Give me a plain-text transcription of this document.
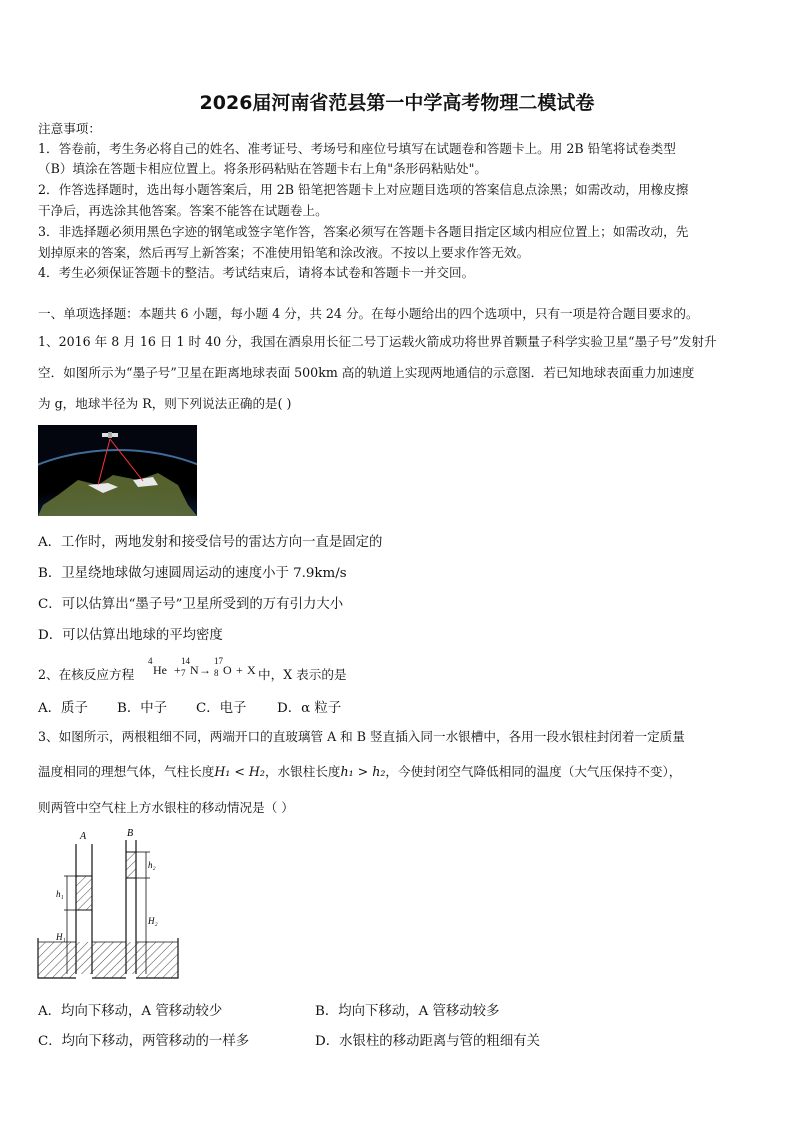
2026届河南省范县第一中学高考物理二模试卷
注意事项：
1．答卷前，考生务必将自己的姓名、准考证号、考场号和座位号填写在试题卷和答题卡上。用 2B 铅笔将试卷类型
（B）填涂在答题卡相应位置上。将条形码粘贴在答题卡右上角"条形码粘贴处"。
2．作答选择题时，选出每小题答案后，用 2B 铅笔把答题卡上对应题目选项的答案信息点涂黑；如需改动，用橡皮擦
干净后，再选涂其他答案。答案不能答在试题卷上。
3．非选择题必须用黑色字迹的钢笔或签字笔作答，答案必须写在答题卡各题目指定区域内相应位置上；如需改动，先
划掉原来的答案，然后再写上新答案；不准使用铅笔和涂改液。不按以上要求作答无效。
4．考生必须保证答题卡的整洁。考试结束后，请将本试卷和答题卡一并交回。
一、单项选择题：本题共 6 小题，每小题 4 分，共 24 分。在每小题给出的四个选项中，只有一项是符合题目要求的。
1、2016 年 8 月 16 日 1 时 40 分，我国在酒泉用长征二号丁运载火箭成功将世界首颗量子科学实验卫星“墨子号”发射升
空．如图所示为“墨子号”卫星在距离地球表面 500km 高的轨道上实现两地通信的示意图．若已知地球表面重力加速度
为 g，地球半径为 R，则下列说法正确的是( )
A．工作时，两地发射和接受信号的雷达方向一直是固定的
B．卫星绕地球做匀速圆周运动的速度小于 7.9km/s
C．可以估算出“墨子号”卫星所受到的万有引力大小
D．可以估算出地球的平均密度
2、在核反应方程
4
He +
14
7 N →
17
8 O + X 中，X 表示的是
A．质子 B．中子 C．电子 D．α 粒子
3、如图所示，两根粗细不同，两端开口的直玻璃管 A 和 B 竖直插入同一水银槽中，各用一段水银柱封闭着一定质量
温度相同的理想气体，气柱长度H₁ < H₂，水银柱长度h₁ > h₂，今使封闭空气降低相同的温度（大气压保持不变），
则两管中空气柱上方水银柱的移动情况是（ ）
A	B
h₁
h₂
H₁
H₂
A．均向下移动，A 管移动较少	B．均向下移动，A 管移动较多
C．均向下移动，两管移动的一样多	D．水银柱的移动距离与管的粗细有关
